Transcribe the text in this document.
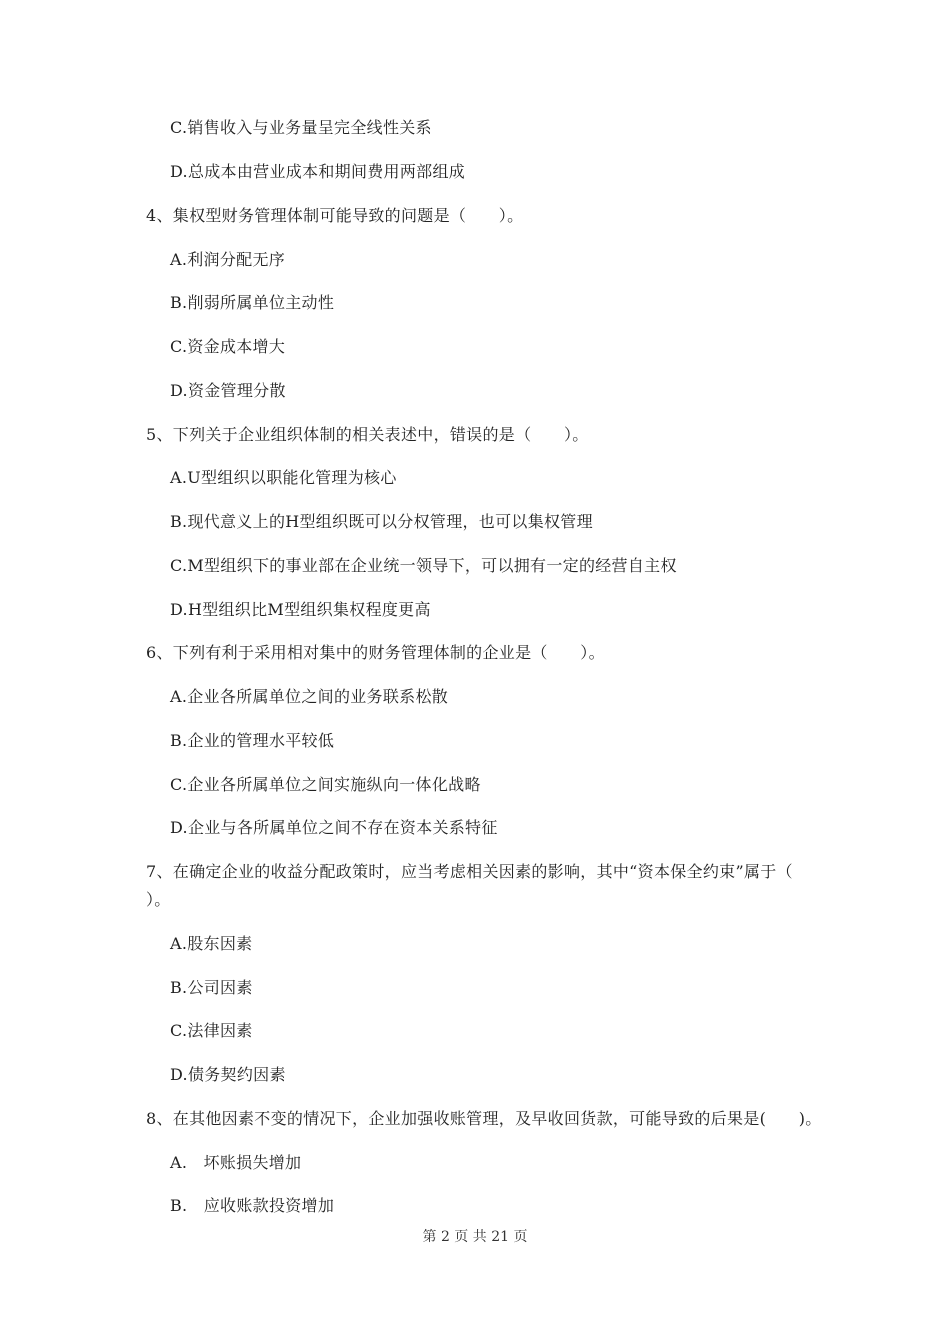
C.销售收入与业务量呈完全线性关系
D.总成本由营业成本和期间费用两部组成
4、集权型财务管理体制可能导致的问题是（　　）。
A.利润分配无序
B.削弱所属单位主动性
C.资金成本增大
D.资金管理分散
5、下列关于企业组织体制的相关表述中，错误的是（　　）。
A.U型组织以职能化管理为核心
B.现代意义上的H型组织既可以分权管理，也可以集权管理
C.M型组织下的事业部在企业统一领导下，可以拥有一定的经营自主权
D.H型组织比M型组织集权程度更高
6、下列有利于采用相对集中的财务管理体制的企业是（　　）。
A.企业各所属单位之间的业务联系松散
B.企业的管理水平较低
C.企业各所属单位之间实施纵向一体化战略
D.企业与各所属单位之间不存在资本关系特征
7、在确定企业的收益分配政策时，应当考虑相关因素的影响，其中“资本保全约束”属于（
）。
A.股东因素
B.公司因素
C.法律因素
D.债务契约因素
8、在其他因素不变的情况下，企业加强收账管理，及早收回货款，可能导致的后果是(　　)。
A.　坏账损失增加
B.　应收账款投资增加
第 2 页 共 21 页
